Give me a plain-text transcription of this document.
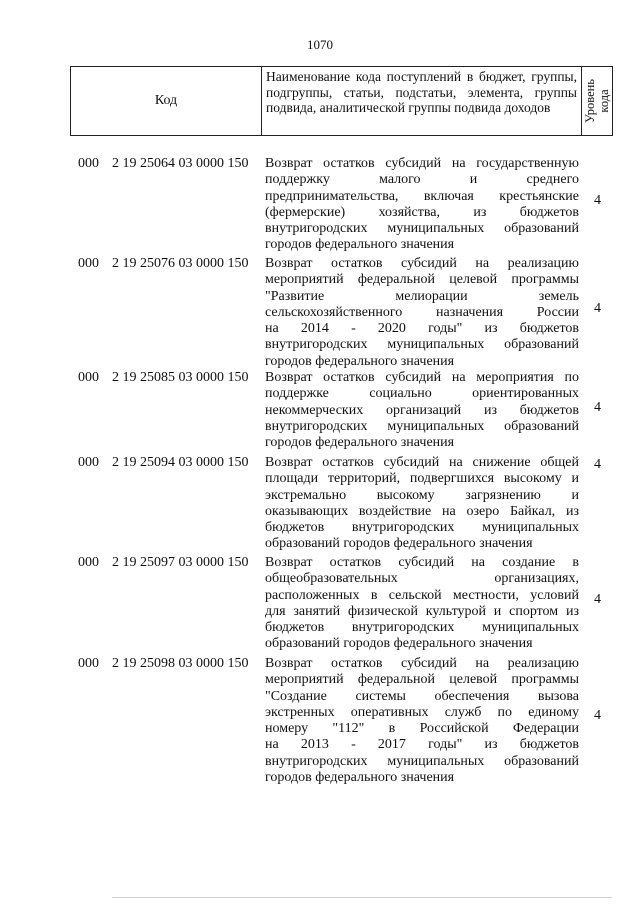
1070
Код
Наименование кода поступлений в бюджет, группы, подгруппы, статьи, подстатьи, элемента, группы подвида, аналитической группы подвида доходов	Уровень кода
000 2 19 25064 03 0000 150 Возврат остатков субсидий на государственную
поддержку малого и среднего
предпринимательства, включая крестьянские
(фермерские) хозяйства, из бюджетов
внутригородских муниципальных образований
городов федерального значения
4
000 2 19 25076 03 0000 150 Возврат остатков субсидий на реализацию
мероприятий федеральной целевой программы
"Развитие мелиорации земель
сельскохозяйственного назначения России
на 2014 - 2020 годы" из бюджетов
внутригородских муниципальных образований
городов федерального значения
4
000 2 19 25085 03 0000 150 Возврат остатков субсидий на мероприятия по
поддержке социально ориентированных
некоммерческих организаций из бюджетов
внутригородских муниципальных образований
городов федерального значения
4
000 2 19 25094 03 0000 150 Возврат остатков субсидий на снижение общей
площади территорий, подвергшихся высокому и
экстремально высокому загрязнению и
оказывающих воздействие на озеро Байкал, из
бюджетов внутригородских муниципальных
образований городов федерального значения
4
000 2 19 25097 03 0000 150 Возврат остатков субсидий на создание в
общеобразовательных организациях,
расположенных в сельской местности, условий
для занятий физической культурой и спортом из
бюджетов внутригородских муниципальных
образований городов федерального значения
4
000 2 19 25098 03 0000 150 Возврат остатков субсидий на реализацию
мероприятий федеральной целевой программы
"Создание системы обеспечения вызова
экстренных оперативных служб по единому
номеру "112" в Российской Федерации
на 2013 - 2017 годы" из бюджетов
внутригородских муниципальных образований
городов федерального значения
4
